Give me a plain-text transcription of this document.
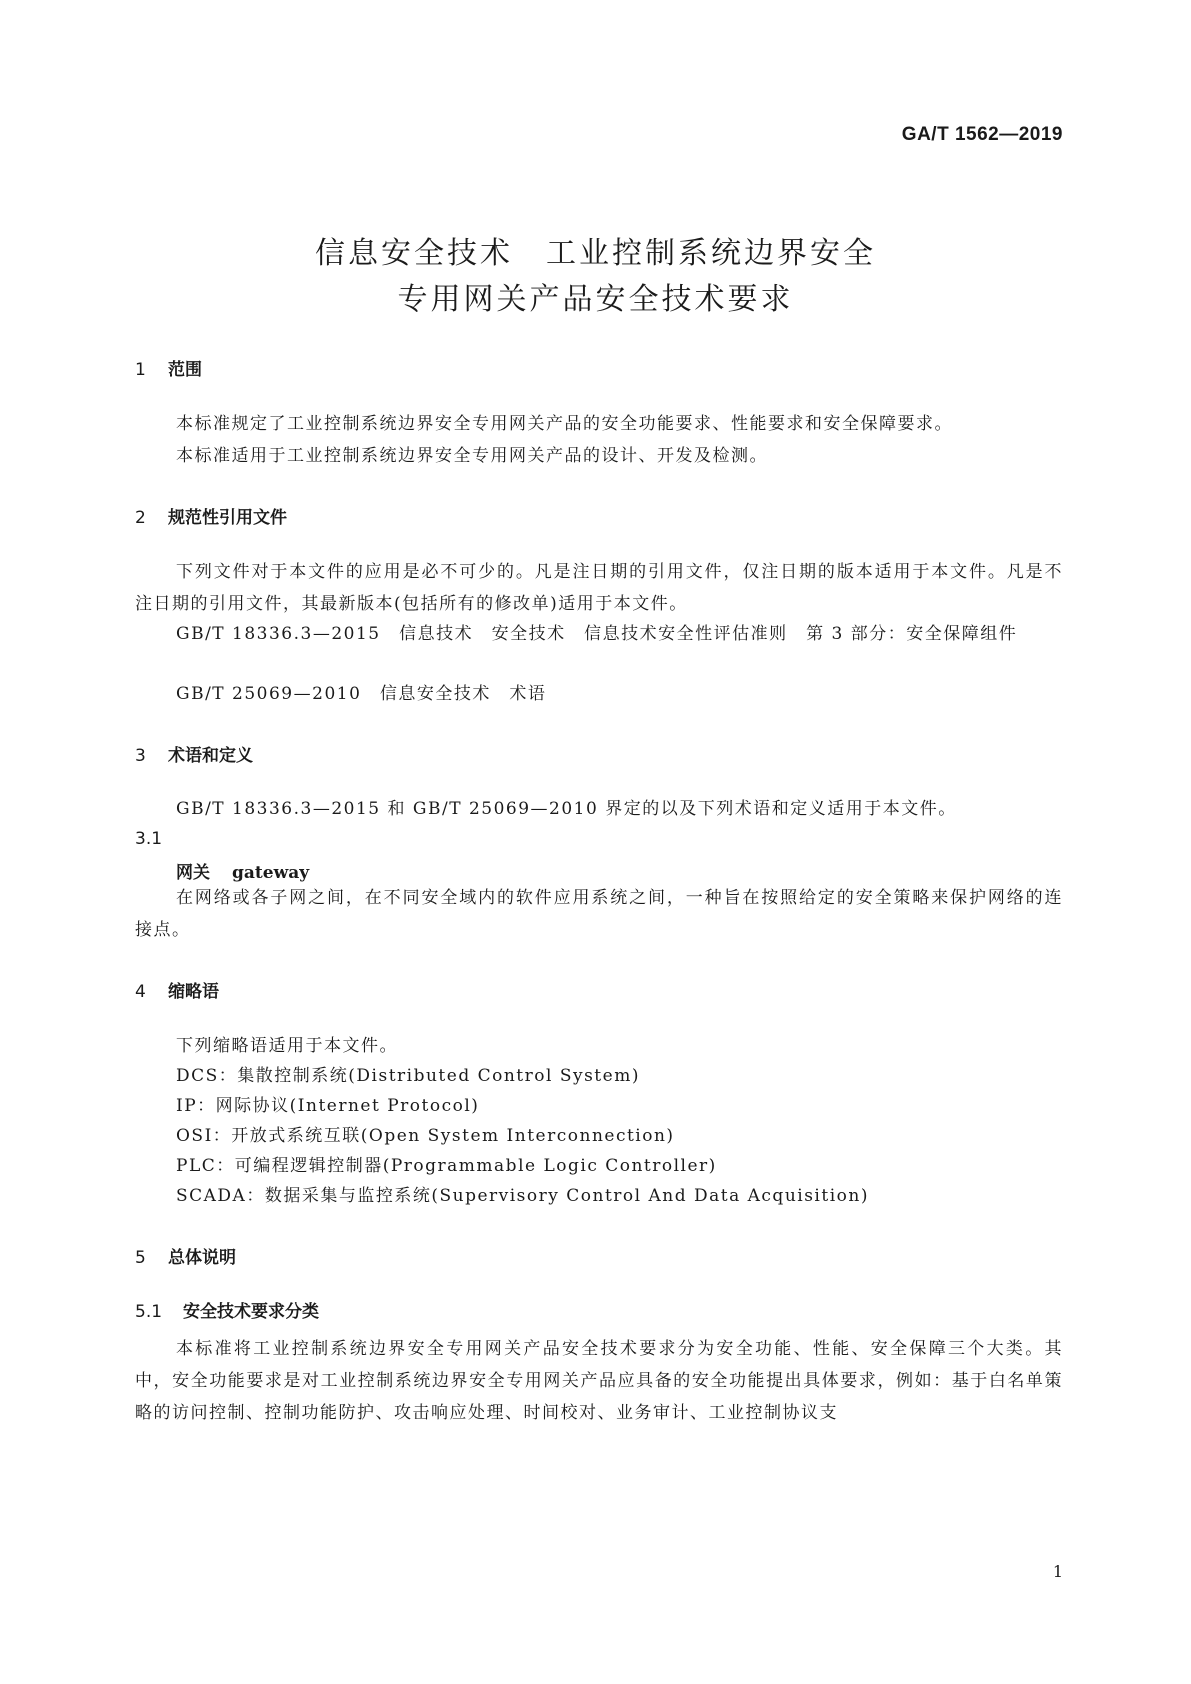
GA/T 1562—2019
信息安全技术　工业控制系统边界安全
专用网关产品安全技术要求
1 范围
本标准规定了工业控制系统边界安全专用网关产品的安全功能要求、性能要求和安全保障要求。
本标准适用于工业控制系统边界安全专用网关产品的设计、开发及检测。
2 规范性引用文件
下列文件对于本文件的应用是必不可少的。凡是注日期的引用文件，仅注日期的版本适用于本文件。凡是不注日期的引用文件，其最新版本(包括所有的修改单)适用于本文件。
GB/T 18336.3—2015　信息技术　安全技术　信息技术安全性评估准则　第 3 部分：安全保障组件
GB/T 25069—2010　信息安全技术　术语
3 术语和定义
GB/T 18336.3—2015 和 GB/T 25069—2010 界定的以及下列术语和定义适用于本文件。
3.1
网关 gateway
在网络或各子网之间，在不同安全域内的软件应用系统之间，一种旨在按照给定的安全策略来保护网络的连接点。
4 缩略语
下列缩略语适用于本文件。
DCS：集散控制系统(Distributed Control System)
IP：网际协议(Internet Protocol)
OSI：开放式系统互联(Open System Interconnection)
PLC：可编程逻辑控制器(Programmable Logic Controller)
SCADA：数据采集与监控系统(Supervisory Control And Data Acquisition)
5 总体说明
5.1 安全技术要求分类
本标准将工业控制系统边界安全专用网关产品安全技术要求分为安全功能、性能、安全保障三个大类。其中，安全功能要求是对工业控制系统边界安全专用网关产品应具备的安全功能提出具体要求，例如：基于白名单策略的访问控制、控制功能防护、攻击响应处理、时间校对、业务审计、工业控制协议支
1
